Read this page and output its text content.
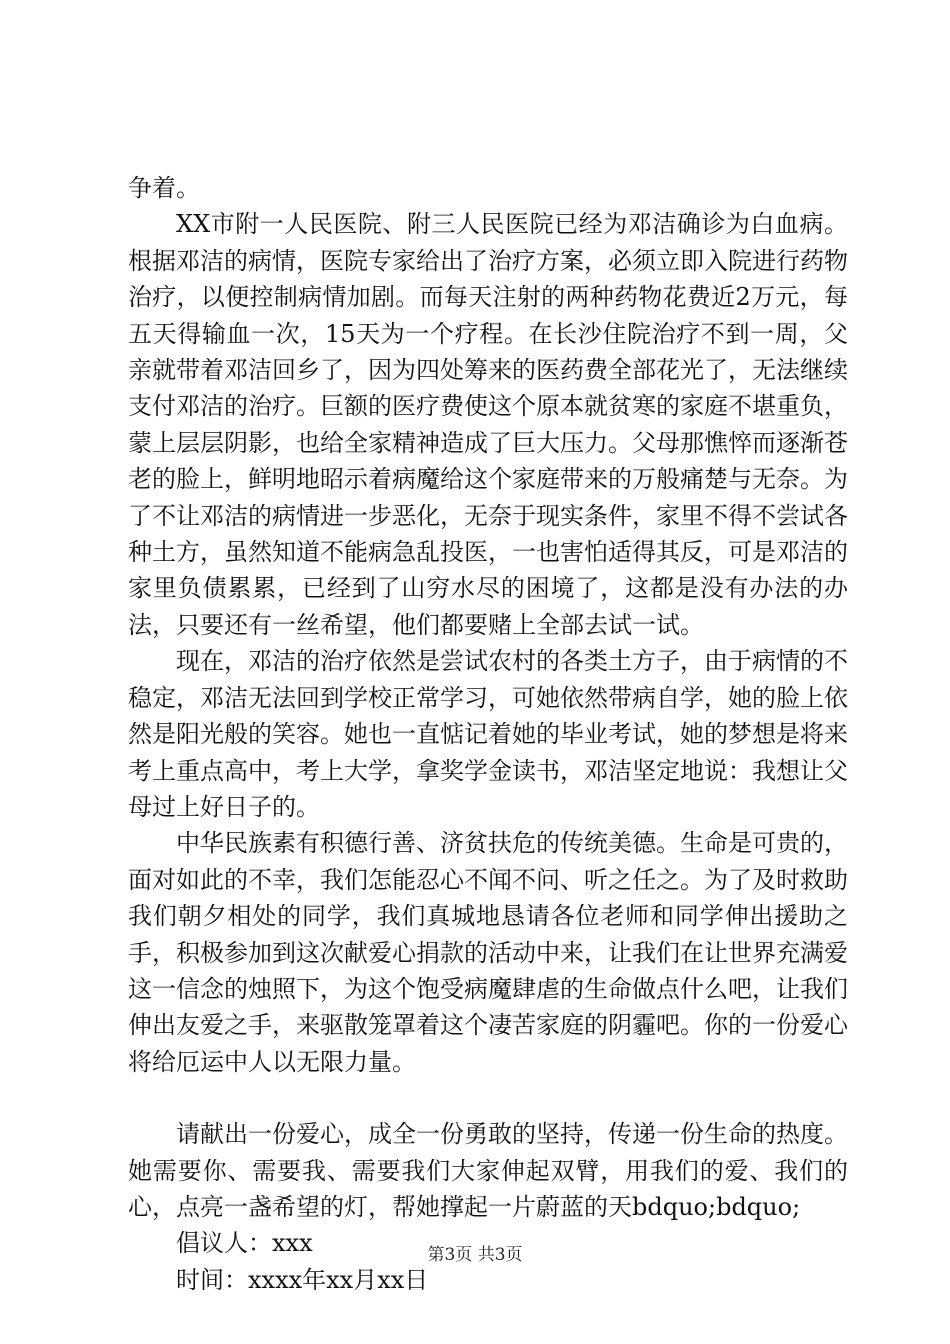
争着。

XX市附一人民医院、附三人民医院已经为邓洁确诊为白血病。根据邓洁的病情，医院专家给出了治疗方案，必须立即入院进行药物治疗，以便控制病情加剧。而每天注射的两种药物花费近2万元，每五天得输血一次，15天为一个疗程。在长沙住院治疗不到一周，父亲就带着邓洁回乡了，因为四处筹来的医药费全部花光了，无法继续支付邓洁的治疗。巨额的医疗费使这个原本就贫寒的家庭不堪重负，蒙上层层阴影，也给全家精神造成了巨大压力。父母那憔悴而逐渐苍老的脸上，鲜明地昭示着病魔给这个家庭带来的万般痛楚与无奈。为了不让邓洁的病情进一步恶化，无奈于现实条件，家里不得不尝试各种土方，虽然知道不能病急乱投医，一也害怕适得其反，可是邓洁的家里负债累累，已经到了山穷水尽的困境了，这都是没有办法的办法，只要还有一丝希望，他们都要赌上全部去试一试。

现在，邓洁的治疗依然是尝试农村的各类土方子，由于病情的不稳定，邓洁无法回到学校正常学习，可她依然带病自学，她的脸上依然是阳光般的笑容。她也一直惦记着她的毕业考试，她的梦想是将来考上重点高中，考上大学，拿奖学金读书，邓洁坚定地说：我想让父母过上好日子的。

中华民族素有积德行善、济贫扶危的传统美德。生命是可贵的，面对如此的不幸，我们怎能忍心不闻不问、听之任之。为了及时救助我们朝夕相处的同学，我们真城地恳请各位老师和同学伸出援助之手，积极参加到这次献爱心捐款的活动中来，让我们在让世界充满爱这一信念的烛照下，为这个饱受病魔肆虐的生命做点什么吧，让我们伸出友爱之手，来驱散笼罩着这个凄苦家庭的阴霾吧。你的一份爱心将给厄运中人以无限力量。

请献出一份爱心，成全一份勇敢的坚持，传递一份生命的热度。她需要你、需要我、需要我们大家伸起双臂，用我们的爱、我们的心，点亮一盏希望的灯，帮她撑起一片蔚蓝的天bdquo;bdquo;

倡议人：xxx

时间：xxxx年xx月xx日

第3页 共3页
